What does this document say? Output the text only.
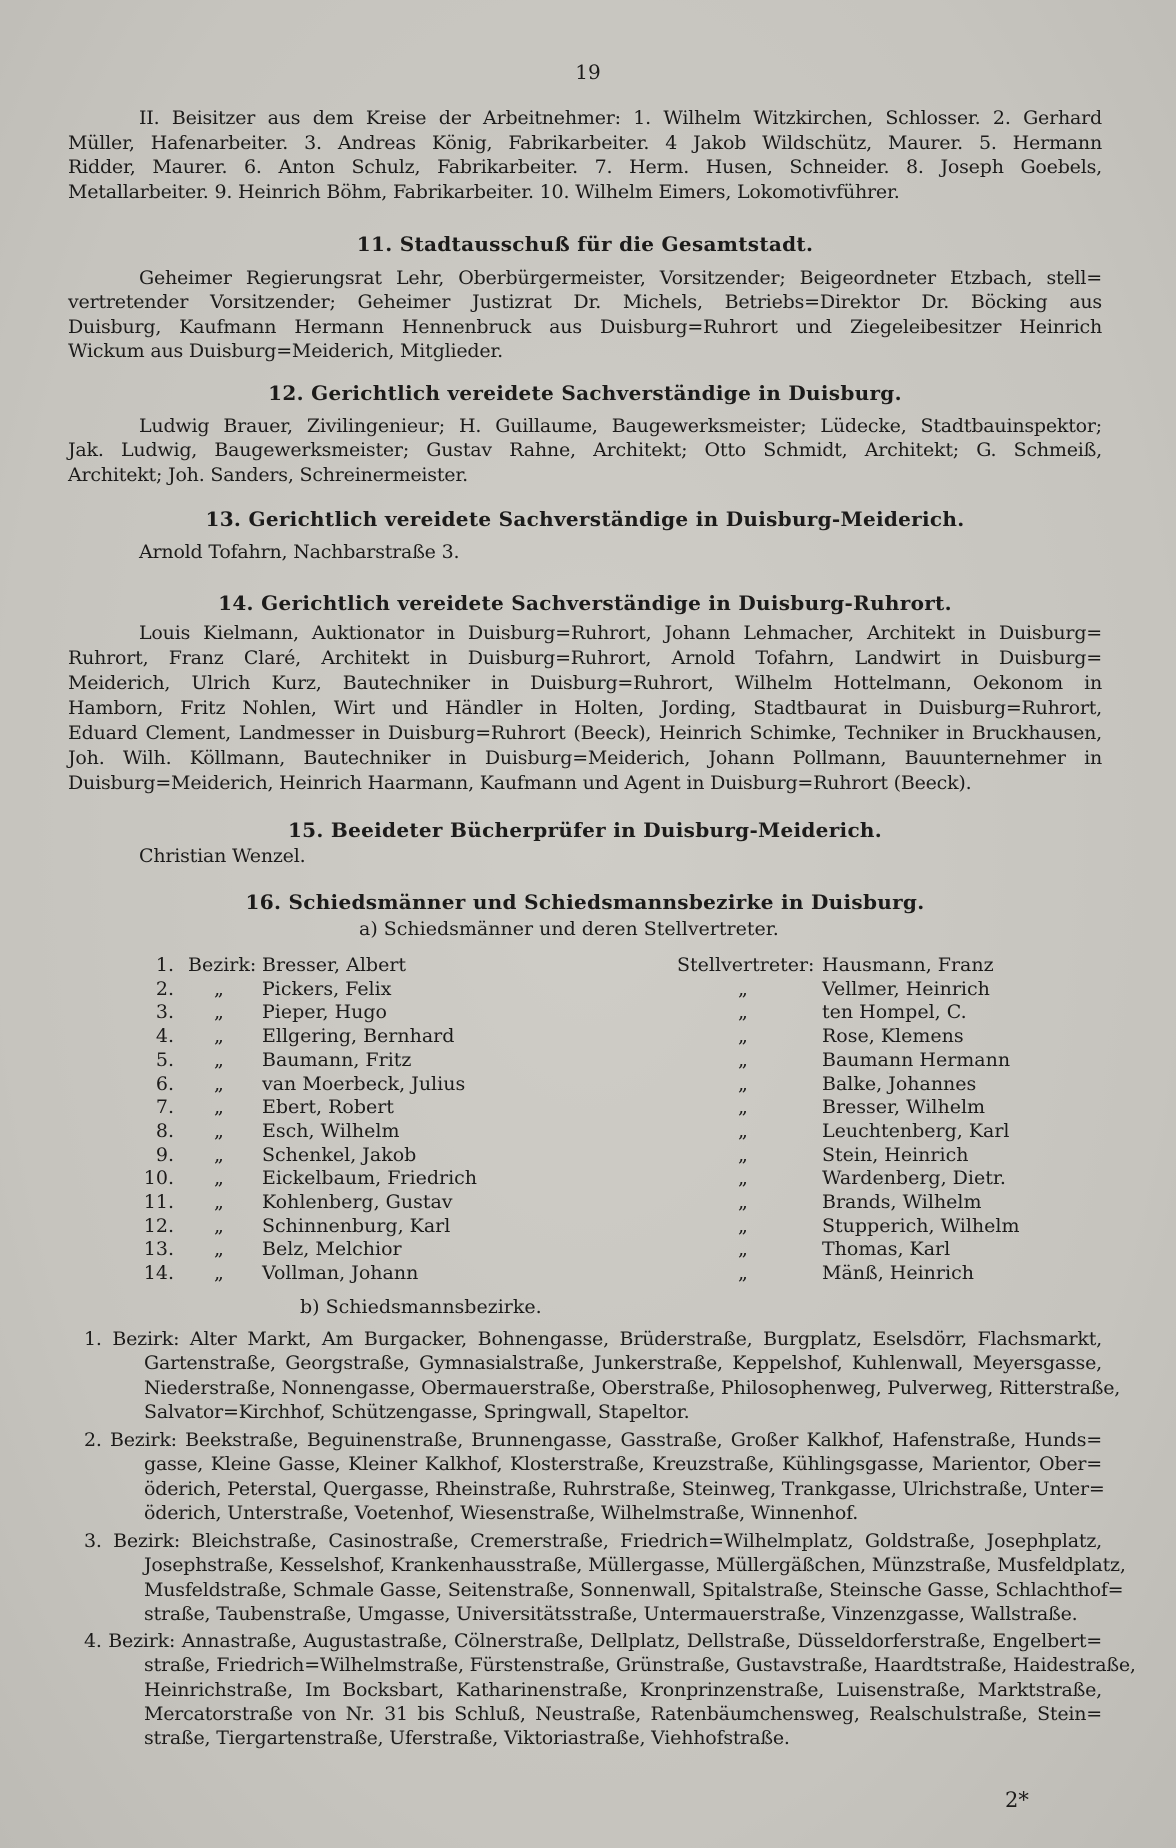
19
2*
II. Beisitzer aus dem Kreise der Arbeitnehmer: 1. Wilhelm Witzkirchen, Schlosser. 2. Gerhard
Müller, Hafenarbeiter. 3. Andreas König, Fabrikarbeiter. 4 Jakob Wildschütz, Maurer. 5. Hermann
Ridder, Maurer. 6. Anton Schulz, Fabrikarbeiter. 7. Herm. Husen, Schneider. 8. Joseph Goebels,
Metallarbeiter. 9. Heinrich Böhm, Fabrikarbeiter. 10. Wilhelm Eimers, Lokomotivführer.
11. Stadtausschuß für die Gesamtstadt.
Geheimer Regierungsrat Lehr, Oberbürgermeister, Vorsitzender; Beigeordneter Etzbach, stell=
vertretender Vorsitzender; Geheimer Justizrat Dr. Michels, Betriebs=Direktor Dr. Böcking aus
Duisburg, Kaufmann Hermann Hennenbruck aus Duisburg=Ruhrort und Ziegeleibesitzer Heinrich
Wickum aus Duisburg=Meiderich, Mitglieder.
12. Gerichtlich vereidete Sachverständige in Duisburg.
Ludwig Brauer, Zivilingenieur; H. Guillaume, Baugewerksmeister; Lüdecke, Stadtbauinspektor;
Jak. Ludwig, Baugewerksmeister; Gustav Rahne, Architekt; Otto Schmidt, Architekt; G. Schmeiß,
Architekt; Joh. Sanders, Schreinermeister.
13. Gerichtlich vereidete Sachverständige in Duisburg-Meiderich.
Arnold Tofahrn, Nachbarstraße 3.
14. Gerichtlich vereidete Sachverständige in Duisburg-Ruhrort.
Louis Kielmann, Auktionator in Duisburg=Ruhrort, Johann Lehmacher, Architekt in Duisburg=
Ruhrort, Franz Claré, Architekt in Duisburg=Ruhrort, Arnold Tofahrn, Landwirt in Duisburg=
Meiderich, Ulrich Kurz, Bautechniker in Duisburg=Ruhrort, Wilhelm Hottelmann, Oekonom in
Hamborn, Fritz Nohlen, Wirt und Händler in Holten, Jording, Stadtbaurat in Duisburg=Ruhrort,
Eduard Clement, Landmesser in Duisburg=Ruhrort (Beeck), Heinrich Schimke, Techniker in Bruckhausen,
Joh. Wilh. Köllmann, Bautechniker in Duisburg=Meiderich, Johann Pollmann, Bauunternehmer in
Duisburg=Meiderich, Heinrich Haarmann, Kaufmann und Agent in Duisburg=Ruhrort (Beeck).
15. Beeideter Bücherprüfer in Duisburg-Meiderich.
Christian Wenzel.
16. Schiedsmänner und Schiedsmannsbezirke in Duisburg.
a) Schiedsmänner und deren Stellvertreter.
1. Bezirk: Bresser, Albert	Stellvertreter: Hausmann, Franz
2. „ Pickers, Felix	„	Vellmer, Heinrich
3. „ Pieper, Hugo	„	ten Hompel, C.
4. „ Ellgering, Bernhard	„	Rose, Klemens
5. „ Baumann, Fritz	„	Baumann Hermann
6. „ van Moerbeck, Julius	„	Balke, Johannes
7. „ Ebert, Robert	„	Bresser, Wilhelm
8. „ Esch, Wilhelm	„	Leuchtenberg, Karl
9. „ Schenkel, Jakob	„	Stein, Heinrich
10. „ Eickelbaum, Friedrich	„	Wardenberg, Dietr.
11. „ Kohlenberg, Gustav	„	Brands, Wilhelm
12. „ Schinnenburg, Karl	„	Stupperich, Wilhelm
13. „ Belz, Melchior	„	Thomas, Karl
14. „ Vollman, Johann	„	Mänß, Heinrich
b) Schiedsmannsbezirke.
1. Bezirk: Alter Markt, Am Burgacker, Bohnengasse, Brüderstraße, Burgplatz, Eselsdörr, Flachsmarkt,
Gartenstraße, Georgstraße, Gymnasialstraße, Junkerstraße, Keppelshof, Kuhlenwall, Meyersgasse,
Niederstraße, Nonnengasse, Obermauerstraße, Oberstraße, Philosophenweg, Pulverweg, Ritterstraße,
Salvator=Kirchhof, Schützengasse, Springwall, Stapeltor.
2. Bezirk: Beekstraße, Beguinenstraße, Brunnengasse, Gasstraße, Großer Kalkhof, Hafenstraße, Hunds=
gasse, Kleine Gasse, Kleiner Kalkhof, Klosterstraße, Kreuzstraße, Kühlingsgasse, Marientor, Ober=
öderich, Peterstal, Quergasse, Rheinstraße, Ruhrstraße, Steinweg, Trankgasse, Ulrichstraße, Unter=
öderich, Unterstraße, Voetenhof, Wiesenstraße, Wilhelmstraße, Winnenhof.
3. Bezirk: Bleichstraße, Casinostraße, Cremerstraße, Friedrich=Wilhelmplatz, Goldstraße, Josephplatz,
Josephstraße, Kesselshof, Krankenhausstraße, Müllergasse, Müllergäßchen, Münzstraße, Musfeldplatz,
Musfeldstraße, Schmale Gasse, Seitenstraße, Sonnenwall, Spitalstraße, Steinsche Gasse, Schlachthof=
straße, Taubenstraße, Umgasse, Universitätsstraße, Untermauerstraße, Vinzenzgasse, Wallstraße.
4. Bezirk: Annastraße, Augustastraße, Cölnerstraße, Dellplatz, Dellstraße, Düsseldorferstraße, Engelbert=
straße, Friedrich=Wilhelmstraße, Fürstenstraße, Grünstraße, Gustavstraße, Haardtstraße, Haidestraße,
Heinrichstraße, Im Bocksbart, Katharinenstraße, Kronprinzenstraße, Luisenstraße, Marktstraße,
Mercatorstraße von Nr. 31 bis Schluß, Neustraße, Ratenbäumchensweg, Realschulstraße, Stein=
straße, Tiergartenstraße, Uferstraße, Viktoriastraße, Viehhofstraße.
